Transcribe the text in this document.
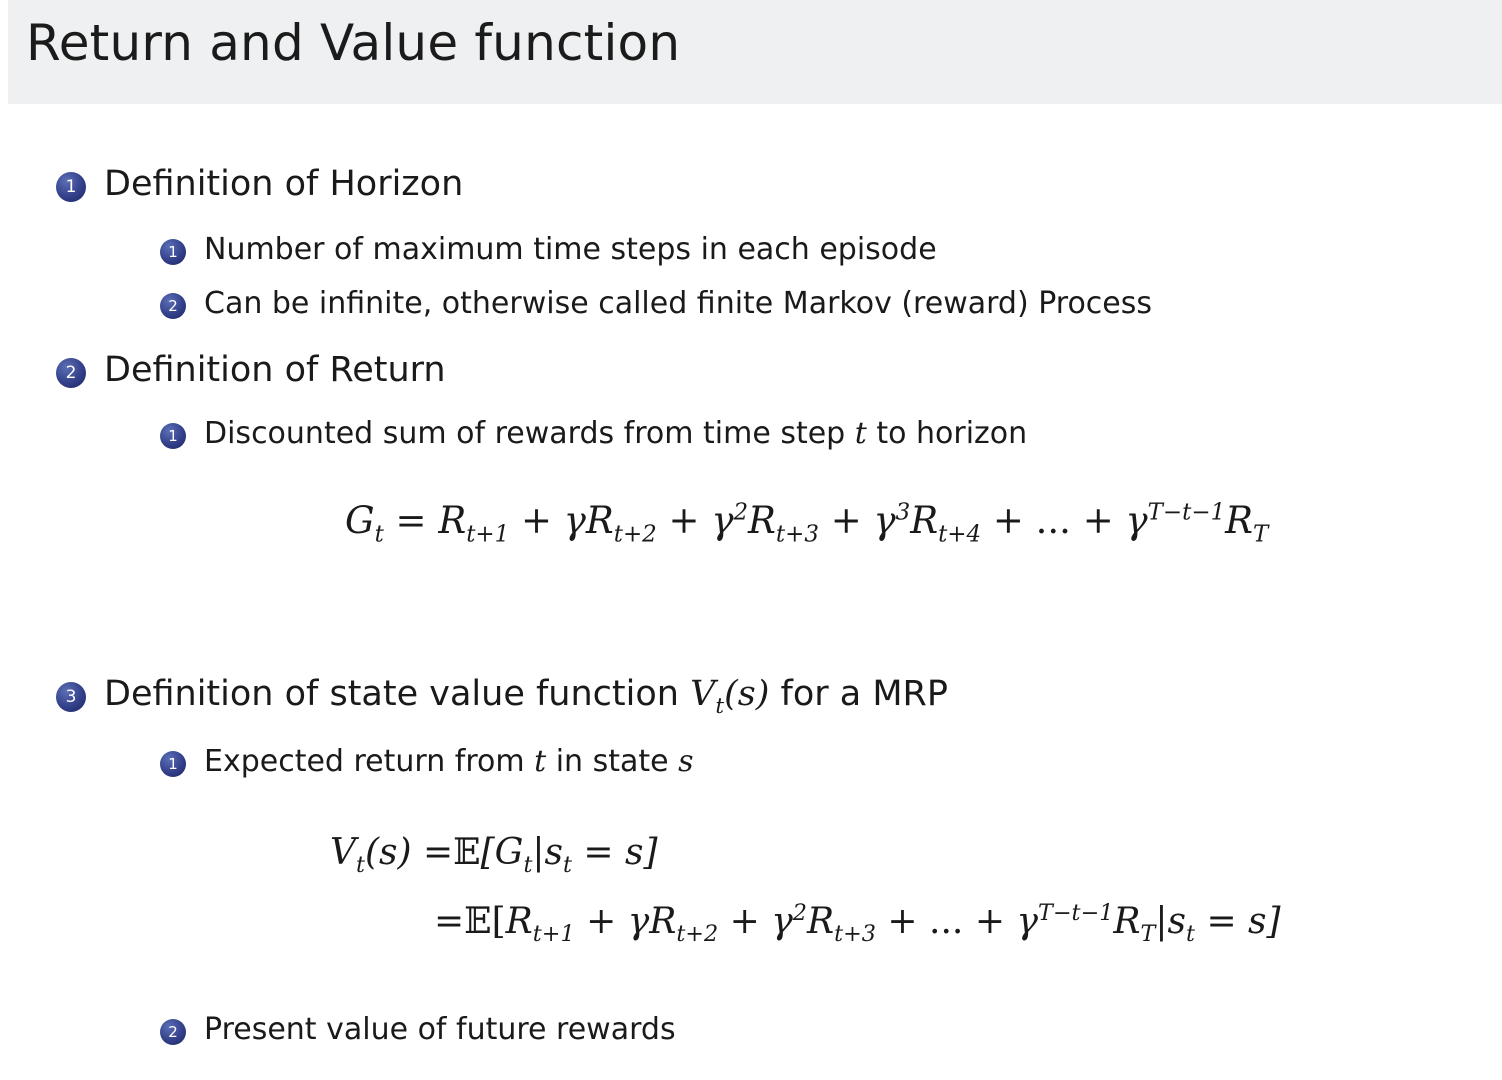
Return and Value function
1 Definition of Horizon
1 Number of maximum time steps in each episode
2 Can be infinite, otherwise called finite Markov (reward) Process
2 Definition of Return
1 Discounted sum of rewards from time step t to horizon
$G_t = R_{t+1} + \gamma R_{t+2} + \gamma^2R_{t+3} + \gamma^3R_{t+4}$ + ... + $\gamma^{T-t-1}R_T$
3 Definition of state value function $V_t(s)$ for a MRP
1 Expected return from t in state s
$V_t(s)$ $=𝔼[G_t|s_t = s]$
$=𝔼[R_{t+1} + \gamma R_{t+2} + \gamma^2R_{t+3}$ + ... + $\gamma^{T-t-1}R_T|s_t = s$]
2 Present value of future rewards
